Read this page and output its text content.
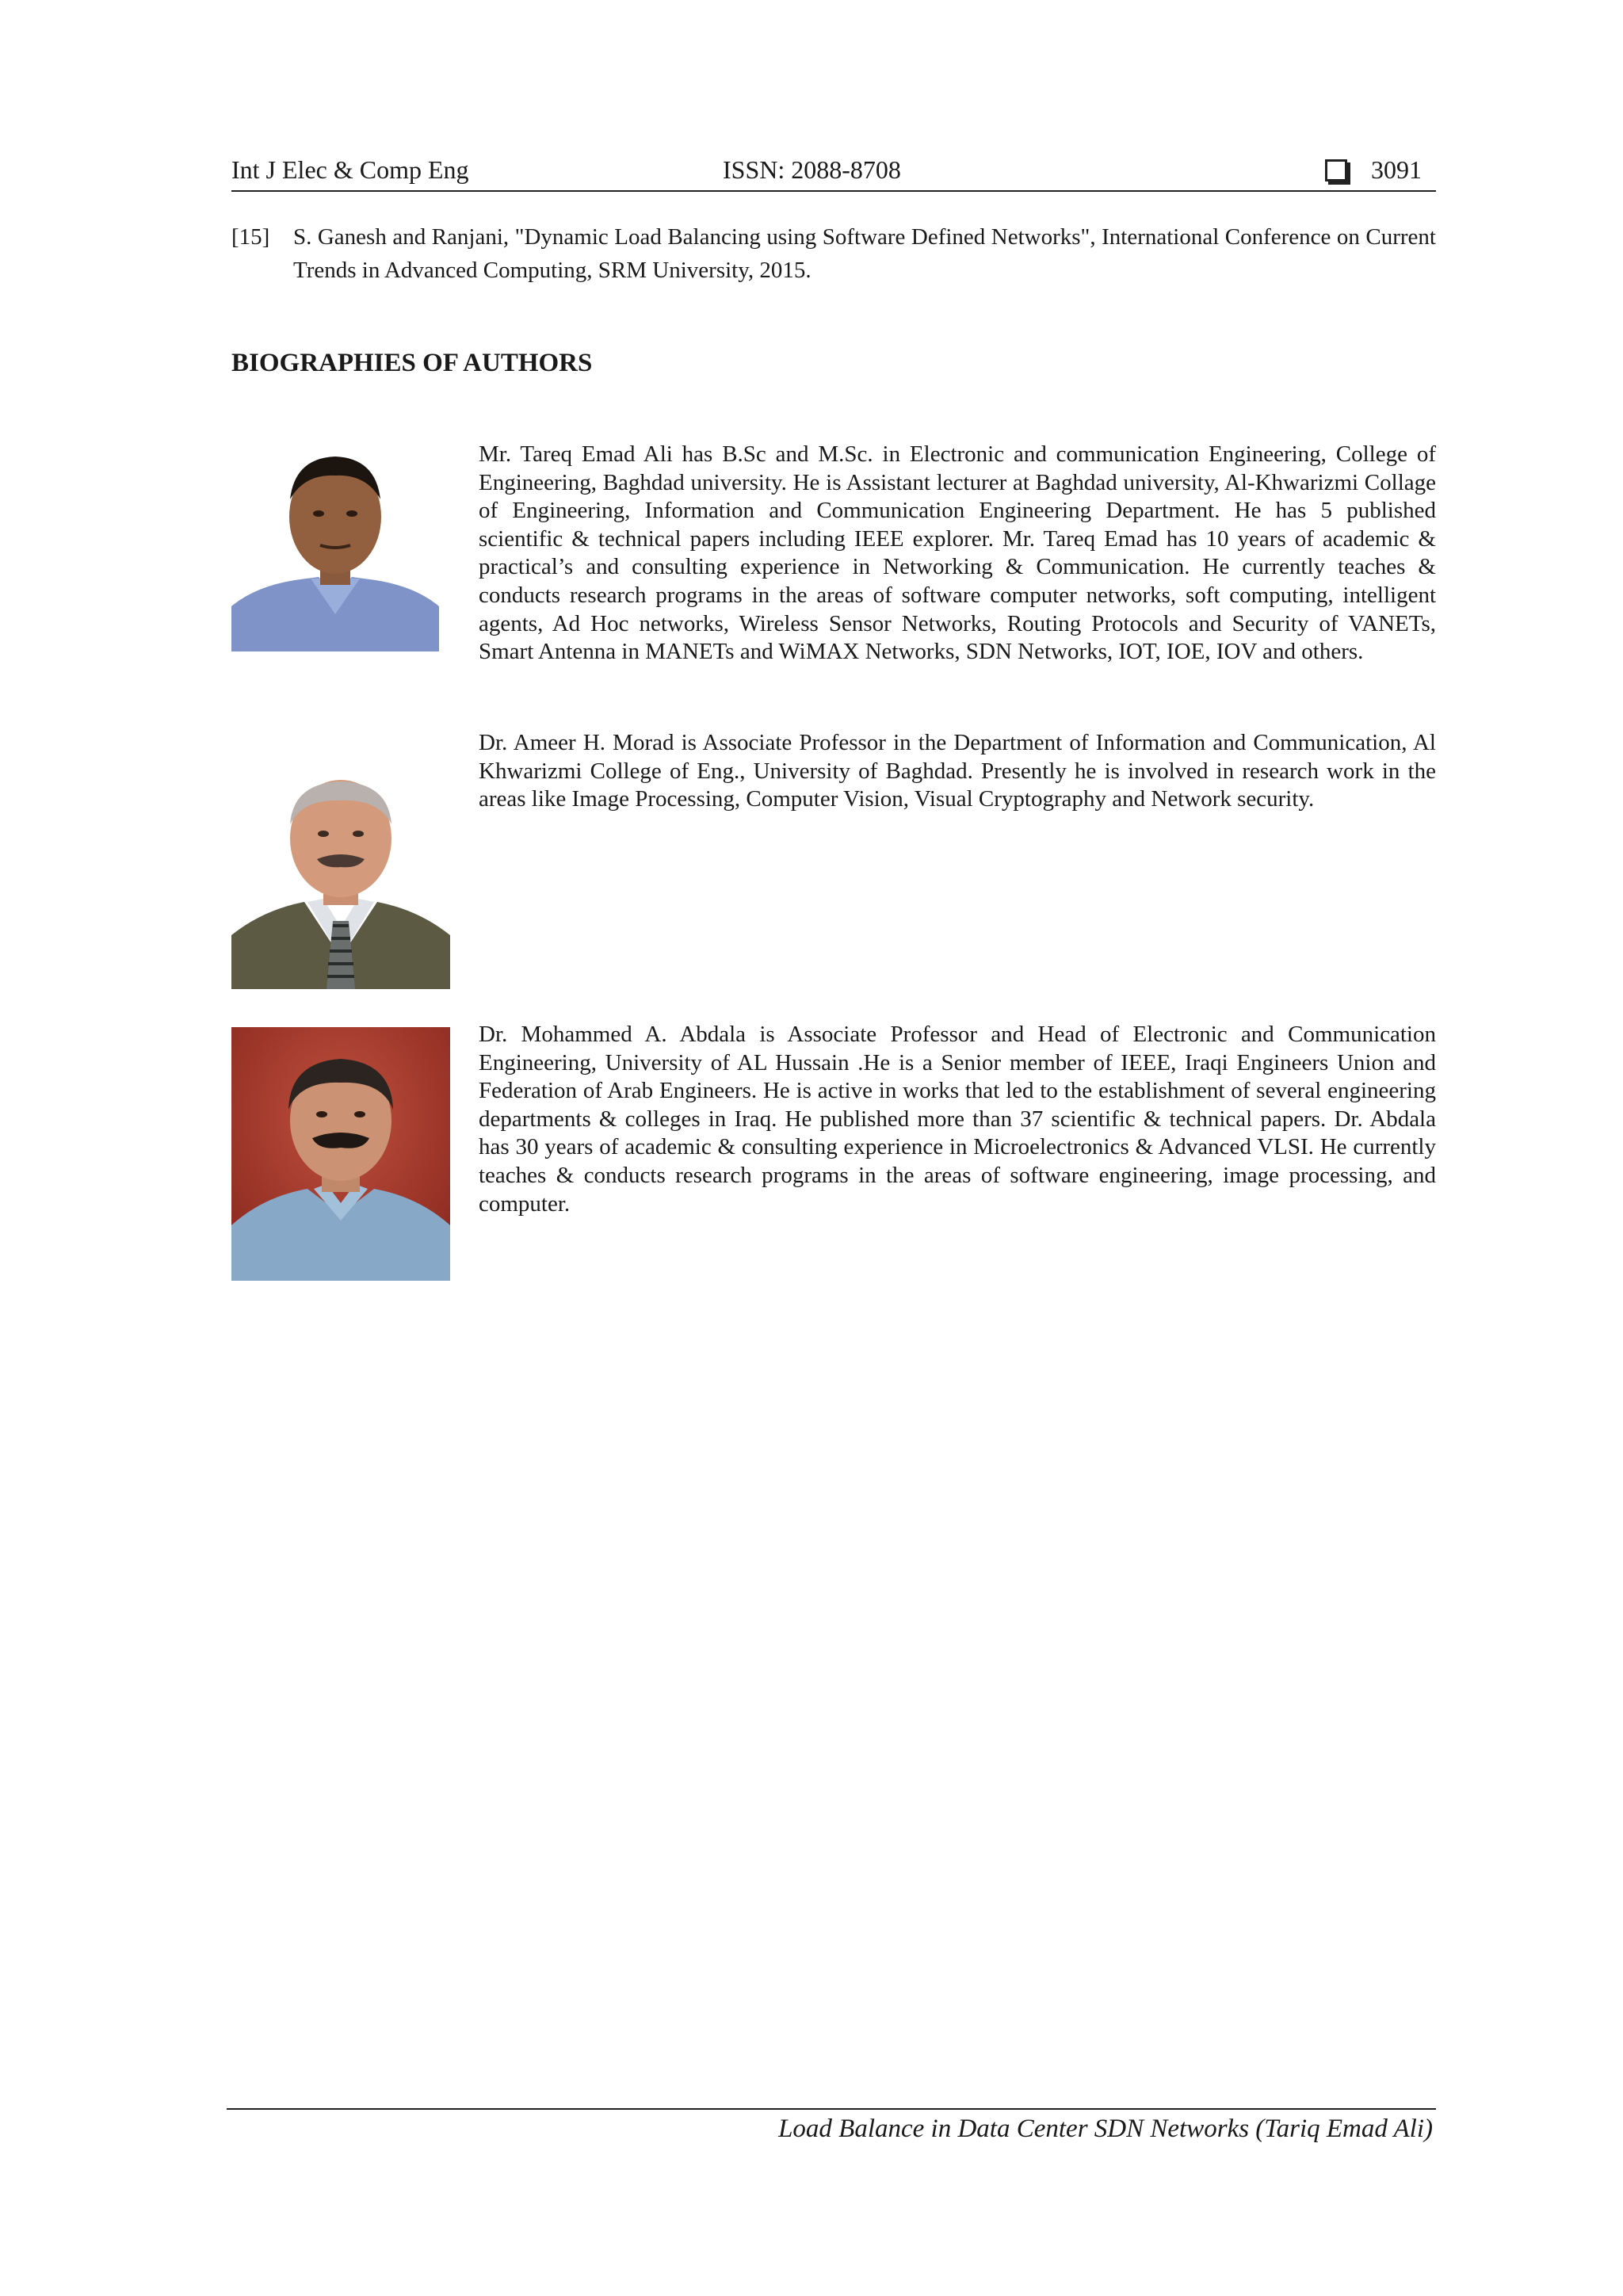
Int J Elec & Comp Eng	ISSN: 2088-8708	3091
[15]	S. Ganesh and Ranjani, "Dynamic Load Balancing using Software Defined Networks", International Conference on Current Trends in Advanced Computing, SRM University, 2015.
BIOGRAPHIES OF AUTHORS

Mr. Tareq Emad Ali has B.Sc and M.Sc. in Electronic and communication Engineering, College of Engineering, Baghdad university. He is Assistant lecturer at Baghdad university, Al-Khwarizmi Collage of Engineering, Information and Communication Engineering Department. He has 5 published scientific & technical papers including IEEE explorer. Mr. Tareq Emad has 10 years of academic & practical’s and consulting experience in Networking & Communication. He currently teaches & conducts research programs in the areas of software computer networks, soft computing, intelligent agents, Ad Hoc networks, Wireless Sensor Networks, Routing Protocols and Security of VANETs, Smart Antenna in MANETs and WiMAX Networks, SDN Networks, IOT, IOE, IOV and others.

Dr. Ameer H. Morad is Associate Professor in the Department of Information and Communication, Al Khwarizmi College of Eng., University of Baghdad. Presently he is involved in research work in the areas like Image Processing, Computer Vision, Visual Cryptography and Network security.

Dr. Mohammed A. Abdala is Associate Professor and Head of Electronic and Communication Engineering, University of AL Hussain .He is a Senior member of IEEE, Iraqi Engineers Union and Federation of Arab Engineers. He is active in works that led to the establishment of several engineering departments & colleges in Iraq. He published more than 37 scientific & technical papers. Dr. Abdala has 30 years of academic & consulting experience in Microelectronics & Advanced VLSI. He currently teaches & conducts research programs in the areas of software engineering, image processing, and computer.

Load Balance in Data Center SDN Networks (Tariq Emad Ali)
